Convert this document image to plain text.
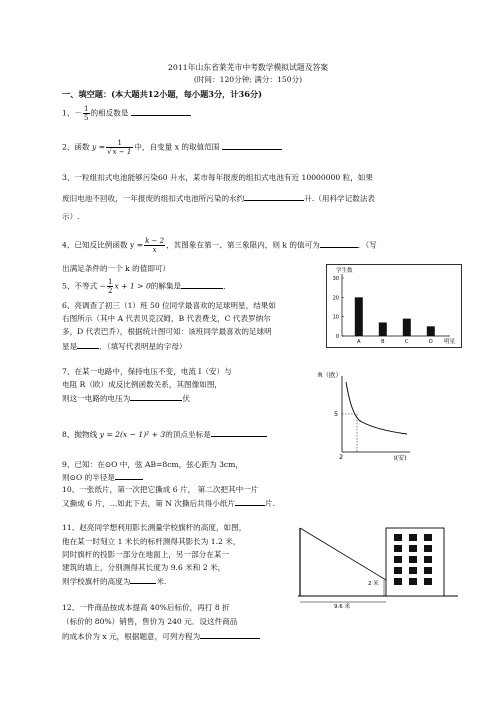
2011年山东省莱芜市中考数学模拟试题及答案
(时间：120分钟; 满分：150分)
一、填空题：(本大题共12小题，每小题3分，计36分)
1、－ $\frac{1}{5}$ 的相反数是
2、函数 $y = \frac{1}{√x - 1}$ 中，自变量 x 的取值范围
3、一粒组扣式电池能够污染60 升水，某市每年报废的组扣式电池有近 10000000 粒，如果
废旧电池不回收，一年报废的组扣式电池所污染的水约	升.（用科学记数法表
示）.
4、已知反比例函数 $y = \frac{k - 2}{x}$ ，其图象在第一、第三象限内，则 k 的值可为	．（写
出满足条件的一个 k 的值即可）
5、不等式 − $\frac{1}{2}$ x + 1 > 0的解集是	．
6、亮调查了初三（1）班 50 位同学最喜欢的足球明星，结果如
右图所示（其中 A 代表贝克汉姆，B 代表费戈，C 代表罗纳尔
多，D 代表巴乔），根据统计图可知：该班同学最喜欢的足球明
星是	．（填写代表明星的字母）
学生数
明星
0
10
20
30
A	B	C	D
7、在某一电路中，保持电压不变，电流 I（安）与
电阻 R（欧）成反比例函数关系，其图像如图，
则这一电路的电压为	伏
R（欧）
I(安)
5
2
8、抛物线 y = 2(x − 1)² + 3的顶点坐标是
9、已知：在⊙O 中，弦 AB=8cm，弦心距为 3cm，
则⊙O 的半径是
10、一张纸片，第一次把它撕成 6 片， 第二次把其中一片
又撕成 6 片，…如此下去，第 N 次撕后共得小纸片	片.
11、赵亮同学想利用影长测量学校旗杆的高度，如图，
他在某一时刻立 1 米长的标杆测得其影长为 1.2 米，
同时旗杆的投影一部分在地面上，另一部分在某一
建筑的墙上，分别测得其长度为 9.6 米和 2 米，
则学校旗杆的高度为	米.	2 米
9.6 米
12、一件商品按成本提高 40%后标价，再打 8 折
（标价的 80%）销售，售价为 240 元．设这件商品
的成本价为 x 元，根据题意，可列方程为
